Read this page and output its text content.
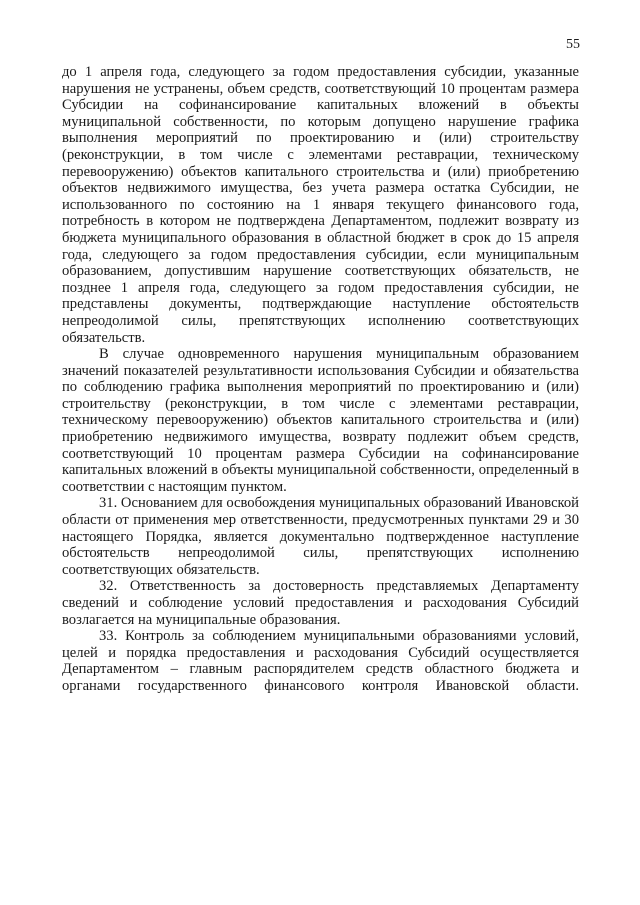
55

до 1 апреля года, следующего за годом предоставления субсидии, указанные нарушения не устранены, объем средств, соответствующий 10 процентам размера Субсидии на софинансирование капитальных вложений в объекты муниципальной собственности, по которым допущено нарушение графика выполнения мероприятий по проектированию и (или) строительству (реконструкции, в том числе с элементами реставрации, техническому перевооружению) объектов капитального строительства и (или) приобретению объектов недвижимого имущества, без учета размера остатка Субсидии, не использованного по состоянию на 1 января текущего финансового года, потребность в котором не подтверждена Департаментом, подлежит возврату из бюджета муниципального образования в областной бюджет в срок до 15 апреля года, следующего за годом предоставления субсидии, если муниципальным образованием, допустившим нарушение соответствующих обязательств, не позднее 1 апреля года, следующего за годом предоставления субсидии, не представлены документы, подтверждающие наступление обстоятельств непреодолимой силы, препятствующих исполнению соответствующих обязательств.

В случае одновременного нарушения муниципальным образованием значений показателей результативности использования Субсидии и обязательства по соблюдению графика выполнения мероприятий по проектированию и (или) строительству (реконструкции, в том числе с элементами реставрации, техническому перевооружению) объектов капитального строительства и (или) приобретению недвижимого имущества, возврату подлежит объем средств, соответствующий 10 процентам размера Субсидии на софинансирование капитальных вложений в объекты муниципальной собственности, определенный в соответствии с настоящим пунктом.

31. Основанием для освобождения муниципальных образований Ивановской области от применения мер ответственности, предусмотренных пунктами 29 и 30 настоящего Порядка, является документально подтвержденное наступление обстоятельств непреодолимой силы, препятствующих исполнению соответствующих обязательств.

32. Ответственность за достоверность представляемых Департаменту сведений и соблюдение условий предоставления и расходования Субсидий возлагается на муниципальные образования.

33. Контроль за соблюдением муниципальными образованиями условий, целей и порядка предоставления и расходования Субсидий осуществляется Департаментом – главным распорядителем средств областного бюджета и органами государственного финансового контроля Ивановской области.
